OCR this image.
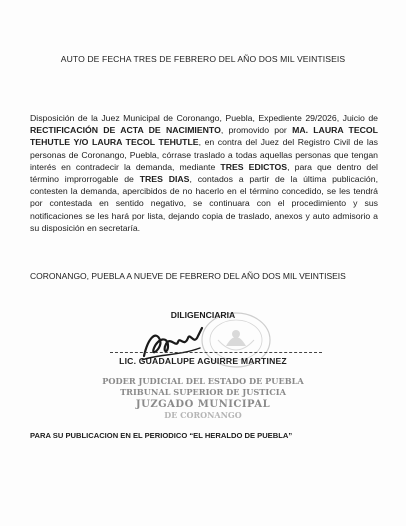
AUTO DE FECHA TRES DE FEBRERO DEL AÑO DOS MIL VEINTISEIS
Disposición de la Juez Municipal de Coronango, Puebla, Expediente 29/2026, Juicio de RECTIFICACIÓN DE ACTA DE NACIMIENTO, promovido por MA. LAURA TECOL TEHUTLE Y/O LAURA TECOL TEHUTLE, en contra del Juez del Registro Civil de las personas de Coronango, Puebla, córrase traslado a todas aquellas personas que tengan interés en contradecir la demanda, mediante TRES EDICTOS, para que dentro del término improrrogable de TRES DIAS, contados a partir de la última publicación, contesten la demanda, apercibidos de no hacerlo en el término concedido, se les tendrá por contestada en sentido negativo, se continuara con el procedimiento y sus notificaciones se les hará por lista, dejando copia de traslado, anexos y auto admisorio a su disposición en secretaría.
CORONANGO, PUEBLA A NUEVE DE FEBRERO DEL AÑO DOS MIL VEINTISEIS
DILIGENCIARIA
LIC. GUADALUPE AGUIRRE MARTINEZ
PODER JUDICIAL DEL ESTADO DE PUEBLA
TRIBUNAL SUPERIOR DE JUSTICIA
JUZGADO MUNICIPAL
DE CORONANGO
PARA SU PUBLICACION EN EL PERIODICO “EL HERALDO DE PUEBLA”
